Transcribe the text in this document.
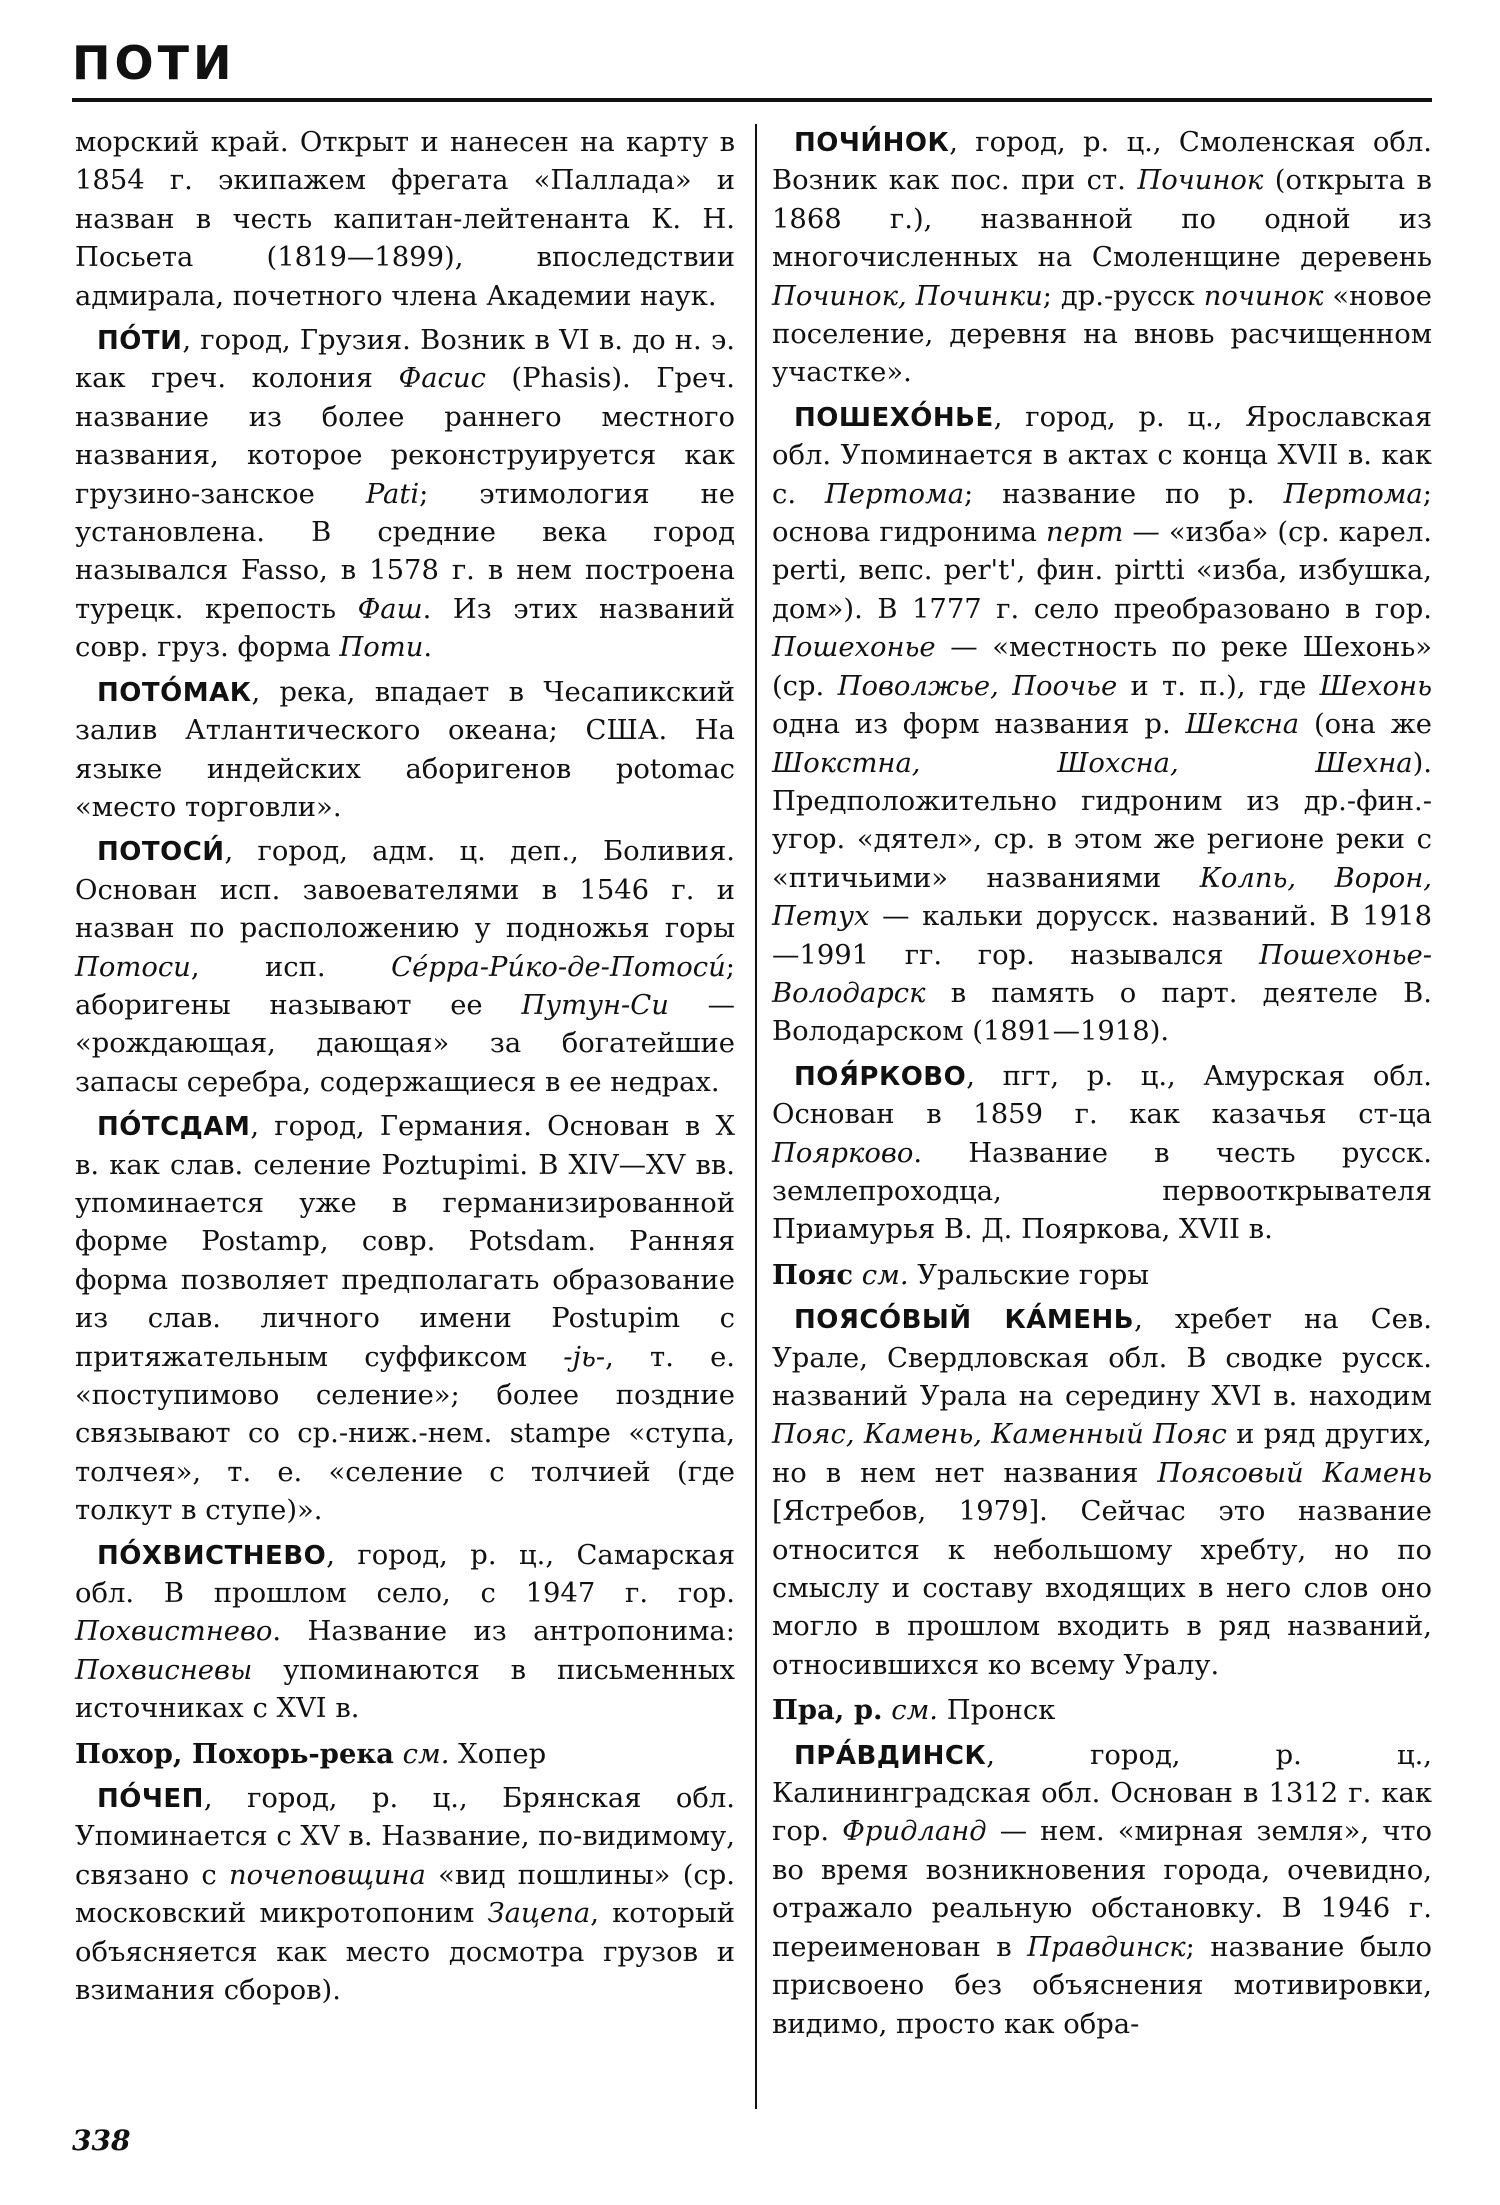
ПОТИ

морский край. Открыт и нанесен на карту в 1854 г. экипажем фрегата «Паллада» и назван в честь капитан-лейтенанта К. Н. Посьета (1819—1899), впоследствии адмирала, почетного члена Академии наук.

ПО́ТИ, город, Грузия. Возник в VI в. до н. э. как греч. колония Фасис (Phasis). Греч. название из более раннего местного названия, которое реконструируется как грузино-занское Pati; этимология не установлена. В средние века город назывался Fasso, в 1578 г. в нем построена турецк. крепость Фаш. Из этих названий совр. груз. форма Поти.

ПОТО́МАК, река, впадает в Чесапикский залив Атлантического океана; США. На языке индейских аборигенов potomac «место торговли».

ПОТОСИ́, город, адм. ц. деп., Боливия. Основан исп. завоевателями в 1546 г. и назван по расположению у подножья горы Потоси, исп. Се́рра-Ри́ко-де-Потоси́; аборигены называют ее Путун-Си — «рождающая, дающая» за богатейшие запасы серебра, содержащиеся в ее недрах.

ПО́ТСДАМ, город, Германия. Основан в X в. как слав. селение Poztupimi. В XIV—XV вв. упоминается уже в германизированной форме Postamp, совр. Potsdam. Ранняя форма позволяет предполагать образование из слав. личного имени Postupim с притяжательным суффиксом -jь-, т. е. «поступимово селение»; более поздние связывают со ср.-ниж.-нем. stampe «ступа, толчея», т. е. «селение с толчией (где толкут в ступе)».

ПО́ХВИСТНЕВО, город, р. ц., Самарская обл. В прошлом село, с 1947 г. гор. Похвистнево. Название из антропонима: Похвисневы упоминаются в письменных источниках с XVI в.

Похор, Похорь-река см. Хопер

ПО́ЧЕП, город, р. ц., Брянская обл. Упоминается с XV в. Название, по-видимому, связано с почеповщина «вид пошлины» (ср. московский микротопоним Зацепа, который объясняется как место досмотра грузов и взимания сборов).

ПОЧИ́НОК, город, р. ц., Смоленская обл. Возник как пос. при ст. Починок (открыта в 1868 г.), названной по одной из многочисленных на Смоленщине деревень Починок, Починки; др.-русск починок «новое поселение, деревня на вновь расчищенном участке».

ПОШЕХО́НЬЕ, город, р. ц., Ярославская обл. Упоминается в актах с конца XVII в. как с. Пертома; название по р. Пертома; основа гидронима перт — «изба» (ср. карел. perti, вепс. per't', фин. pirtti «изба, избушка, дом»). В 1777 г. село преобразовано в гор. Пошехонье — «местность по реке Шехонь» (ср. Поволжье, Поочье и т. п.), где Шехонь одна из форм названия р. Шексна (она же Шокстна, Шохсна, Шехна). Предположительно гидроним из др.-фин.-угор. «дятел», ср. в этом же регионе реки с «птичьими» названиями Колпь, Ворон, Петух — кальки дорусск. названий. В 1918—1991 гг. гор. назывался Пошехонье-Володарск в память о парт. деятеле В. Володарском (1891—1918).

ПОЯ́РКОВО, пгт, р. ц., Амурская обл. Основан в 1859 г. как казачья ст-ца Поярково. Название в честь русск. землепроходца, первооткрывателя Приамурья В. Д. Пояркова, XVII в.

Пояс см. Уральские горы

ПОЯСО́ВЫЙ КА́МЕНЬ, хребет на Сев. Урале, Свердловская обл. В сводке русск. названий Урала на середину XVI в. находим Пояс, Камень, Каменный Пояс и ряд других, но в нем нет названия Поясовый Камень [Ястребов, 1979]. Сейчас это название относится к небольшому хребту, но по смыслу и составу входящих в него слов оно могло в прошлом входить в ряд названий, относившихся ко всему Уралу.

Пра, р. см. Пронск

ПРА́ВДИНСК, город, р. ц., Калининградская обл. Основан в 1312 г. как гор. Фридланд — нем. «мирная земля», что во время возникновения города, очевидно, отражало реальную обстановку. В 1946 г. переименован в Правдинск; название было присвоено без объяснения мотивировки, видимо, просто как обра-

338
